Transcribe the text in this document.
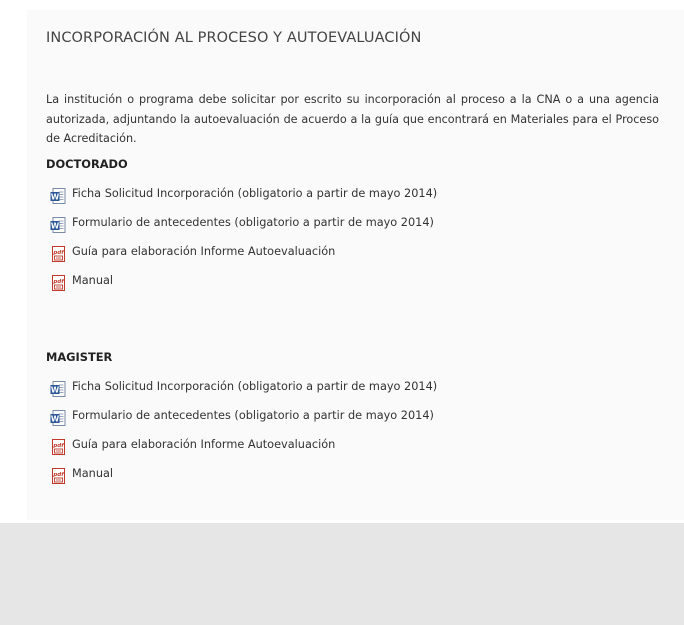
INCORPORACIÓN AL PROCESO Y AUTOEVALUACIÓN

La institución o programa debe solicitar por escrito su incorporación al proceso a la CNA o a una agencia autorizada, adjuntando la autoevaluación de acuerdo a la guía que encontrará en Materiales para el Proceso de Acreditación.

DOCTORADO
W Ficha Solicitud Incorporación (obligatorio a partir de mayo 2014)
W Formulario de antecedentes (obligatorio a partir de mayo 2014)
pdf Guía para elaboración Informe Autoevaluación
pdf Manual
MAGISTER
W Ficha Solicitud Incorporación (obligatorio a partir de mayo 2014)
W Formulario de antecedentes (obligatorio a partir de mayo 2014)
pdf Guía para elaboración Informe Autoevaluación
pdf Manual
